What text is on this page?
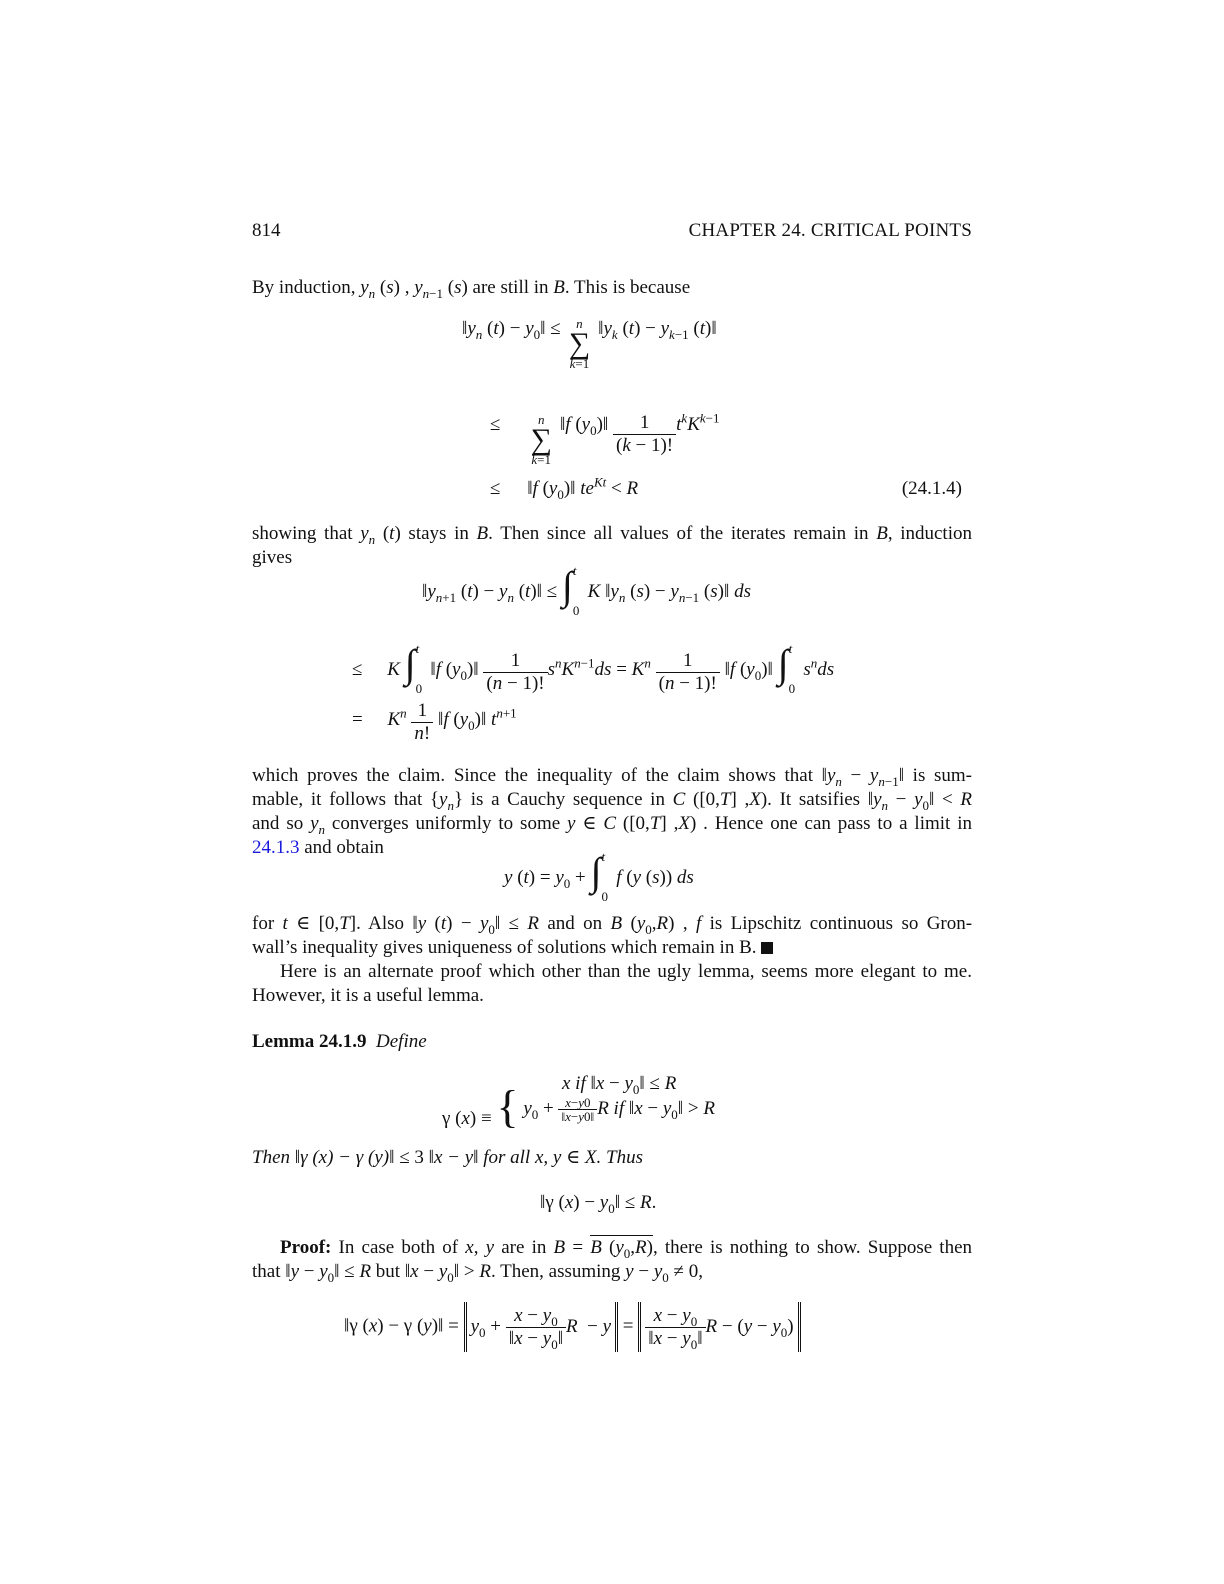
814	CHAPTER 24. CRITICAL POINTS
By induction, $y_n$ (s) , $y_{n-1}$ (s) are still in B. This is because
$‖y_n$ $(t) - y_0‖$ ≤	n
∑
k=1
$‖y_k$ $(t) - y_{k-1}$ (t)‖
≤	n
∑
k=1
‖f $(y_0)‖ \frac{1}{(k - 1)!} t^kK^{k-1}$
≤ ‖f $(y_0)‖$ $te^{Kt} < R$	(24.1.4)
showing that $y_n$ (t) stays in B. Then since all values of the iterates remain in B, induction
gives
$‖y_{n+1}$ $(t) - y_n$ (t)‖ ≤ ∫ t
0
K $‖y_n$ $(s) - y_{n-1}$ (s)‖ ds
≤ K ∫ t
0
‖f $(y_0)‖ \frac{1}{(n - 1)!} s^nK^{n-1}ds = K^n \frac{1}{(n - 1)!}$ ‖f $(y_0)‖$ ∫ t
0
$s^nds$
= $K^n \frac{1}{n!}$ ‖f $(y_0)‖$ $t^{n+1}$
which proves the claim. Since the inequality of the claim shows that $‖y_n$ − $y_{n-1}‖$ is sum-
mable, it follows that $\{y_n\}$ is a Cauchy sequence in C ([0,T] ,X). It satsifies $‖y_n$ − $y_0‖ < R$
and so $y_n$ converges uniformly to some y ∈ C ([0,T] ,X) . Hence one can pass to a limit in
24.1.3 and obtain
y $(t) = y_0$ + ∫ t
0
f (y (s)) ds
for t ∈ [0,T]. Also ‖y $(t) - y_0‖ \le R$ and on B $(y_0,R)$ , f is Lipschitz continuous so Gron-
wall’s inequality gives uniqueness of solutions which remain in B.
Here is an alternate proof which other than the ugly lemma, seems more elegant to me.
However, it is a useful lemma.
Lemma 24.1.9 Define
γ (x) ≡ {	x if ‖x − $y_0‖ \le R$
$y_0 + \frac{x-y0}{‖x-y0‖}$ R if ‖x − $y_0‖ > R$
Then ‖γ (x) − γ (y)‖ ≤ 3 ‖x − y‖ for all x, y ∈ X. Thus
‖γ $(x) - y_0‖ \le R$.
Proof: In case both of x, y are in B = B $(y_0,R)$, there is nothing to show. Suppose then
that ‖y − $y_0‖ \le R$ but ‖x − $y_0‖ > R$. Then, assuming $y - y_0 \ne 0$,
‖γ (x) − γ (y)‖ = $y_0 + \frac{x - y_0}{‖x - y_0‖}$ $R - y = \frac{x - y_0}{‖x - y_0‖}$ $R - (y - y_0)$
